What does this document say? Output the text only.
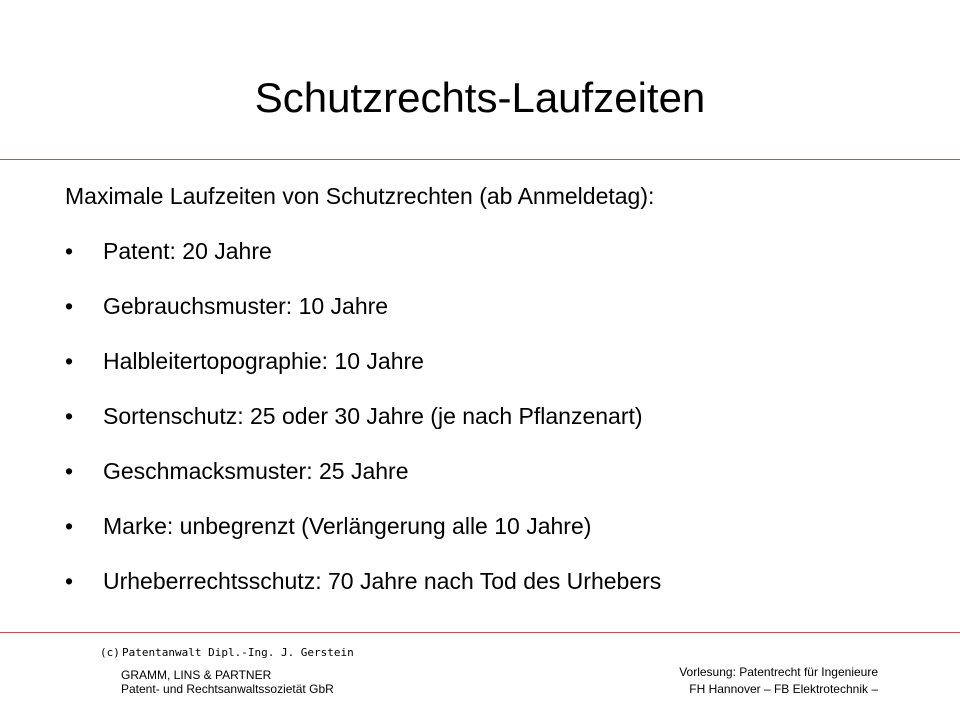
Schutzrechts-Laufzeiten
Maximale Laufzeiten von Schutzrechten (ab Anmeldetag):
•	Patent: 20 Jahre
•	Gebrauchsmuster: 10 Jahre
•	Halbleitertopographie: 10 Jahre
•	Sortenschutz: 25 oder 30 Jahre (je nach Pflanzenart)
•	Geschmacksmuster: 25 Jahre
•	Marke: unbegrenzt (Verlängerung alle 10 Jahre)
•	Urheberrechtsschutz: 70 Jahre nach Tod des Urhebers
(c) Patentanwalt Dipl.-Ing. J. Gerstein
GRAMM, LINS & PARTNER
Patent- und Rechtsanwaltssozietät GbR
Vorlesung: Patentrecht für Ingenieure
FH Hannover – FB Elektrotechnik –
